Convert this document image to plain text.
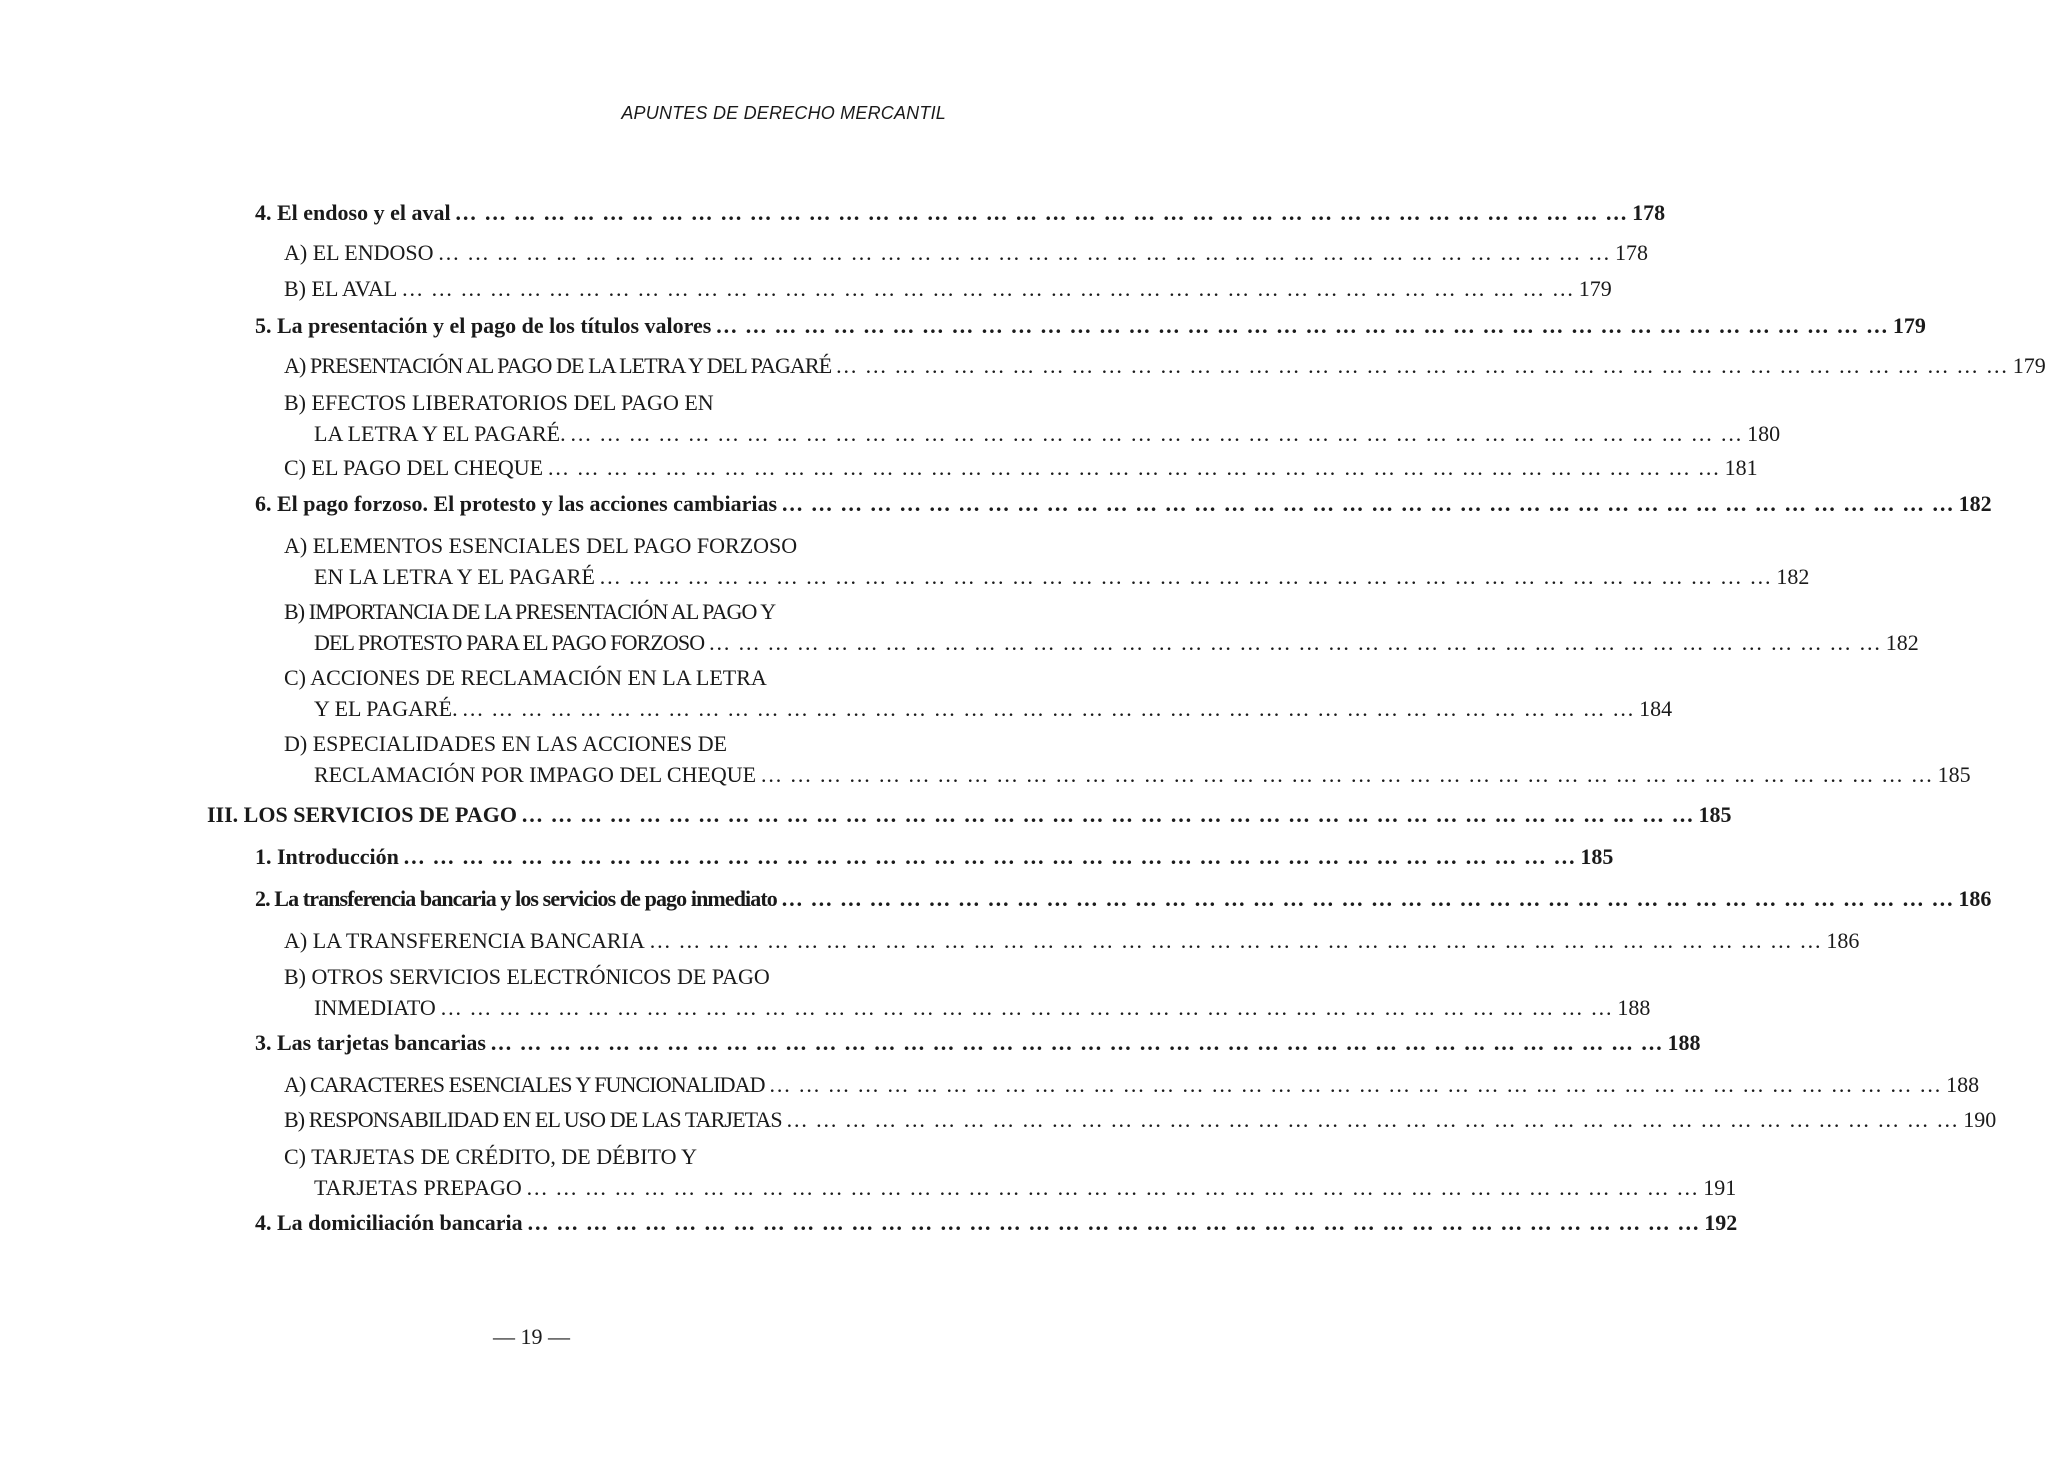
APUNTES DE DERECHO MERCANTIL
4. El endoso y el aval … … … … … … … … … … … … … … … … … … … … … … … … … … … … … … … … … … … … … … … … 178
A) EL ENDOSO … … … … … … … … … … … … … … … … … … … … … … … … … … … … … … … … … … … … … … … … 178
B) EL AVAL … … … … … … … … … … … … … … … … … … … … … … … … … … … … … … … … … … … … … … … … 179
5. La presentación y el pago de los títulos valores … … … … … … … … … … … … … … … … … … … … … … … … … … … … … … … … … … … … … … … … 179
A) PRESENTACIÓN AL PAGO DE LA LETRA Y DEL PAGARÉ … … … … … … … … … … … … … … … … … … … … … … … … … … … … … … … … … … … … … … … … 179
B) EFECTOS LIBERATORIOS DEL PAGO EN
LA LETRA Y EL PAGARÉ. … … … … … … … … … … … … … … … … … … … … … … … … … … … … … … … … … … … … … … … … 180
C) EL PAGO DEL CHEQUE … … … … … … … … … … … … … … … … … … … … … … … … … … … … … … … … … … … … … … … … 181
6. El pago forzoso. El protesto y las acciones cambiarias … … … … … … … … … … … … … … … … … … … … … … … … … … … … … … … … … … … … … … … … 182
A) ELEMENTOS ESENCIALES DEL PAGO FORZOSO
EN LA LETRA Y EL PAGARÉ … … … … … … … … … … … … … … … … … … … … … … … … … … … … … … … … … … … … … … … … 182
B) IMPORTANCIA DE LA PRESENTACIÓN AL PAGO Y
DEL PROTESTO PARA EL PAGO FORZOSO … … … … … … … … … … … … … … … … … … … … … … … … … … … … … … … … … … … … … … … … 182
C) ACCIONES DE RECLAMACIÓN EN LA LETRA
Y EL PAGARÉ. … … … … … … … … … … … … … … … … … … … … … … … … … … … … … … … … … … … … … … … … 184
D) ESPECIALIDADES EN LAS ACCIONES DE
RECLAMACIÓN POR IMPAGO DEL CHEQUE … … … … … … … … … … … … … … … … … … … … … … … … … … … … … … … … … … … … … … … … 185
III. LOS SERVICIOS DE PAGO … … … … … … … … … … … … … … … … … … … … … … … … … … … … … … … … … … … … … … … … 185
1. Introducción … … … … … … … … … … … … … … … … … … … … … … … … … … … … … … … … … … … … … … … … 185
2. La transferencia bancaria y los servicios de pago inmediato … … … … … … … … … … … … … … … … … … … … … … … … … … … … … … … … … … … … … … … … 186
A) LA TRANSFERENCIA BANCARIA … … … … … … … … … … … … … … … … … … … … … … … … … … … … … … … … … … … … … … … … 186
B) OTROS SERVICIOS ELECTRÓNICOS DE PAGO
INMEDIATO … … … … … … … … … … … … … … … … … … … … … … … … … … … … … … … … … … … … … … … … 188
3. Las tarjetas bancarias … … … … … … … … … … … … … … … … … … … … … … … … … … … … … … … … … … … … … … … … 188
A) CARACTERES ESENCIALES Y FUNCIONALIDAD … … … … … … … … … … … … … … … … … … … … … … … … … … … … … … … … … … … … … … … … 188
B) RESPONSABILIDAD EN EL USO DE LAS TARJETAS … … … … … … … … … … … … … … … … … … … … … … … … … … … … … … … … … … … … … … … … 190
C) TARJETAS DE CRÉDITO, DE DÉBITO Y
TARJETAS PREPAGO … … … … … … … … … … … … … … … … … … … … … … … … … … … … … … … … … … … … … … … … 191
4. La domiciliación bancaria … … … … … … … … … … … … … … … … … … … … … … … … … … … … … … … … … … … … … … … … 192
— 19 —
